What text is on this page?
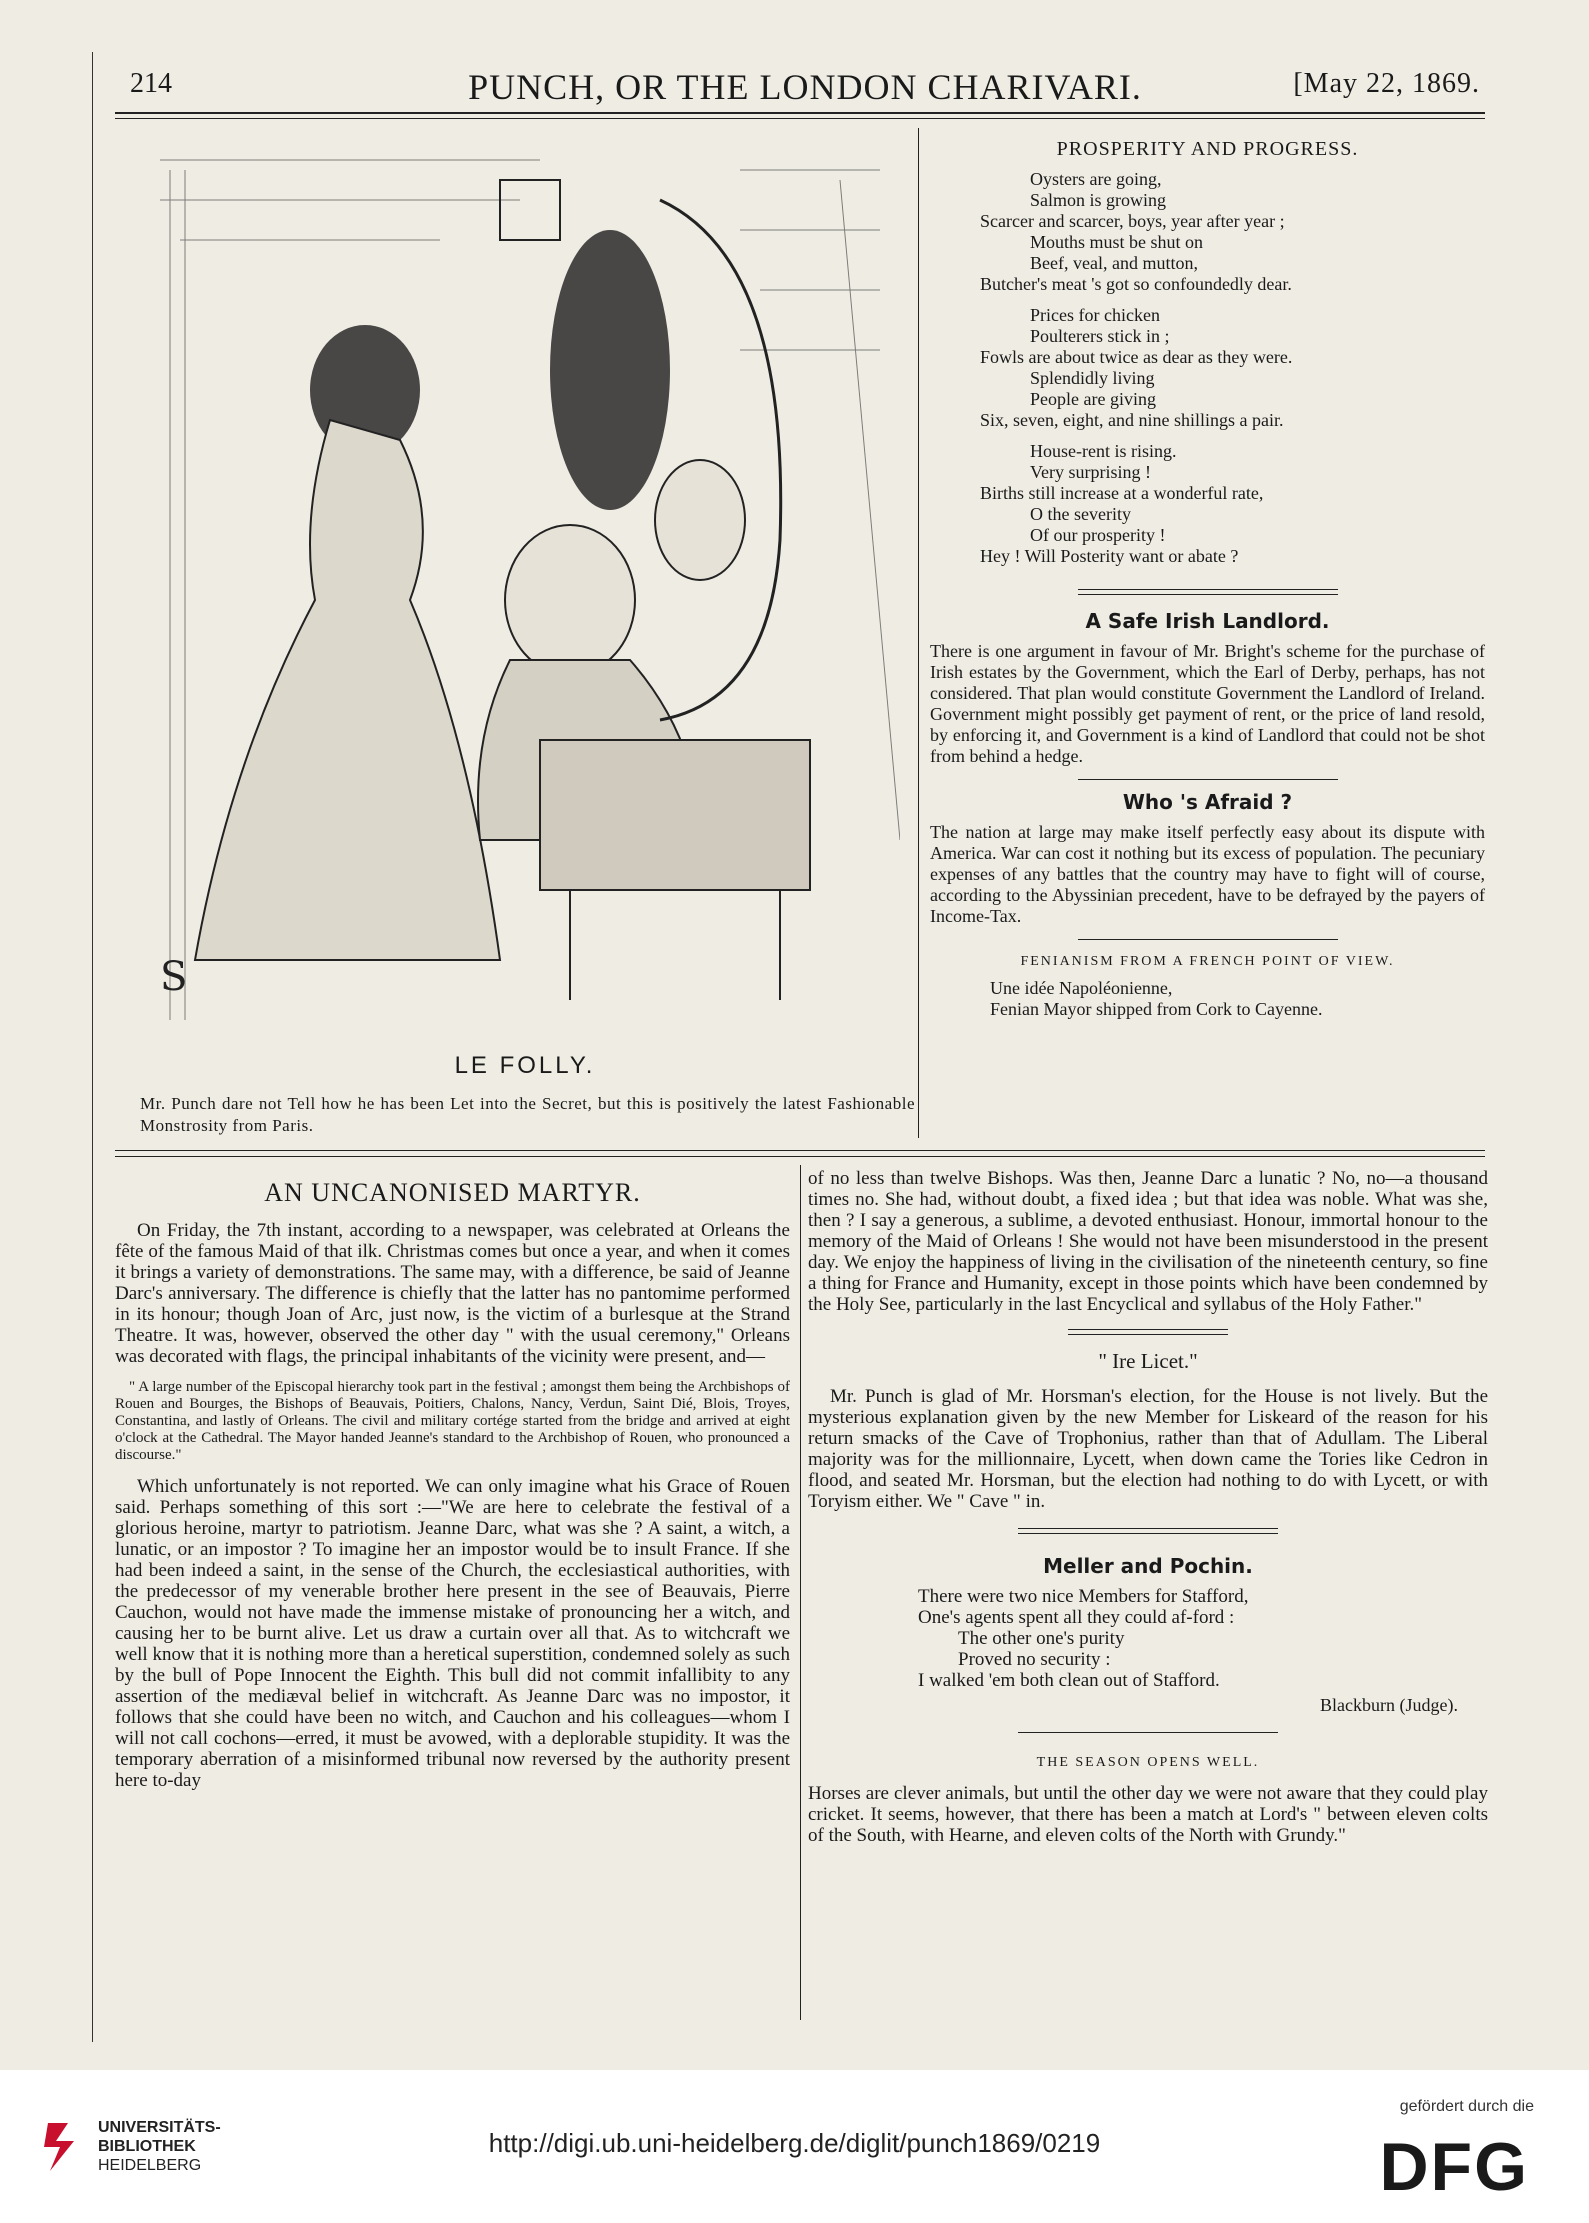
214	PUNCH, OR THE LONDON CHARIVARI.	[May 22, 1869.
S
LE FOLLY.
Mr. Punch dare not Tell how he has been Let into the Secret, but this is positively the latest Fashionable Monstrosity from Paris.
PROSPERITY AND PROGRESS.
Oysters are going,
Salmon is growing
Scarcer and scarcer, boys, year after year ;
Mouths must be shut on
Beef, veal, and mutton,
Butcher's meat 's got so confoundedly dear.
Prices for chicken
Poulterers stick in ;
Fowls are about twice as dear as they were.
Splendidly living
People are giving
Six, seven, eight, and nine shillings a pair.
House-rent is rising.
Very surprising !
Births still increase at a wonderful rate,
O the severity
Of our prosperity !
Hey ! Will Posterity want or abate ?
A Safe Irish Landlord.

There is one argument in favour of Mr. Bright's scheme for the purchase of Irish estates by the Government, which the Earl of Derby, perhaps, has not considered. That plan would constitute Government the Landlord of Ireland. Government might possibly get payment of rent, or the price of land resold, by enforcing it, and Government is a kind of Landlord that could not be shot from behind a hedge.

Who 's Afraid ?

The nation at large may make itself perfectly easy about its dispute with America. War can cost it nothing but its excess of population. The pecuniary expenses of any battles that the country may have to fight will of course, according to the Abyssinian precedent, have to be defrayed by the payers of Income-Tax.

FENIANISM FROM A FRENCH POINT OF VIEW.
Une idée Napoléonienne,
Fenian Mayor shipped from Cork to Cayenne.
AN UNCANONISED MARTYR.

On Friday, the 7th instant, according to a newspaper, was celebrated at Orleans the fête of the famous Maid of that ilk. Christmas comes but once a year, and when it comes it brings a variety of demonstrations. The same may, with a difference, be said of Jeanne Darc's anniversary. The difference is chiefly that the latter has no pantomime performed in its honour; though Joan of Arc, just now, is the victim of a burlesque at the Strand Theatre. It was, however, observed the other day " with the usual ceremony," Orleans was decorated with flags, the principal inhabitants of the vicinity were present, and—

" A large number of the Episcopal hierarchy took part in the festival ; amongst them being the Archbishops of Rouen and Bourges, the Bishops of Beauvais, Poitiers, Chalons, Nancy, Verdun, Saint Dié, Blois, Troyes, Constantina, and lastly of Orleans. The civil and military cortége started from the bridge and arrived at eight o'clock at the Cathedral. The Mayor handed Jeanne's standard to the Archbishop of Rouen, who pronounced a discourse."

Which unfortunately is not reported. We can only imagine what his Grace of Rouen said. Perhaps something of this sort :—"We are here to celebrate the festival of a glorious heroine, martyr to patriotism. Jeanne Darc, what was she ? A saint, a witch, a lunatic, or an impostor ? To imagine her an impostor would be to insult France. If she had been indeed a saint, in the sense of the Church, the ecclesiastical authorities, with the predecessor of my venerable brother here present in the see of Beauvais, Pierre Cauchon, would not have made the immense mistake of pronouncing her a witch, and causing her to be burnt alive. Let us draw a curtain over all that. As to witchcraft we well know that it is nothing more than a heretical superstition, condemned solely as such by the bull of Pope Innocent the Eighth. This bull did not commit infallibity to any assertion of the mediæval belief in witchcraft. As Jeanne Darc was no impostor, it follows that she could have been no witch, and Cauchon and his colleagues—whom I will not call cochons—erred, it must be avowed, with a deplorable stupidity. It was the temporary aberration of a misinformed tribunal now reversed by the authority present here to-day

of no less than twelve Bishops. Was then, Jeanne Darc a lunatic ? No, no—a thousand times no. She had, without doubt, a fixed idea ; but that idea was noble. What was she, then ? I say a generous, a sublime, a devoted enthusiast. Honour, immortal honour to the memory of the Maid of Orleans ! She would not have been misunderstood in the present day. We enjoy the happiness of living in the civilisation of the nineteenth century, so fine a thing for France and Humanity, except in those points which have been condemned by the Holy See, particularly in the last Encyclical and syllabus of the Holy Father."

" Ire Licet."

Mr. Punch is glad of Mr. Horsman's election, for the House is not lively. But the mysterious explanation given by the new Member for Liskeard of the reason for his return smacks of the Cave of Trophonius, rather than that of Adullam. The Liberal majority was for the millionnaire, Lycett, when down came the Tories like Cedron in flood, and seated Mr. Horsman, but the election had nothing to do with Lycett, or with Toryism either. We " Cave " in.

Meller and Pochin.
There were two nice Members for Stafford,
One's agents spent all they could af-ford :
The other one's purity
Proved no security :
I walked 'em both clean out of Stafford.
Blackburn (Judge).
THE SEASON OPENS WELL.

Horses are clever animals, but until the other day we were not aware that they could play cricket. It seems, however, that there has been a match at Lord's " between eleven colts of the South, with Hearne, and eleven colts of the North with Grundy."

UNIVERSITÄTS-
BIBLIOTHEK
HEIDELBERG
http://digi.ub.uni-heidelberg.de/diglit/punch1869/0219
gefördert durch die
DFG
